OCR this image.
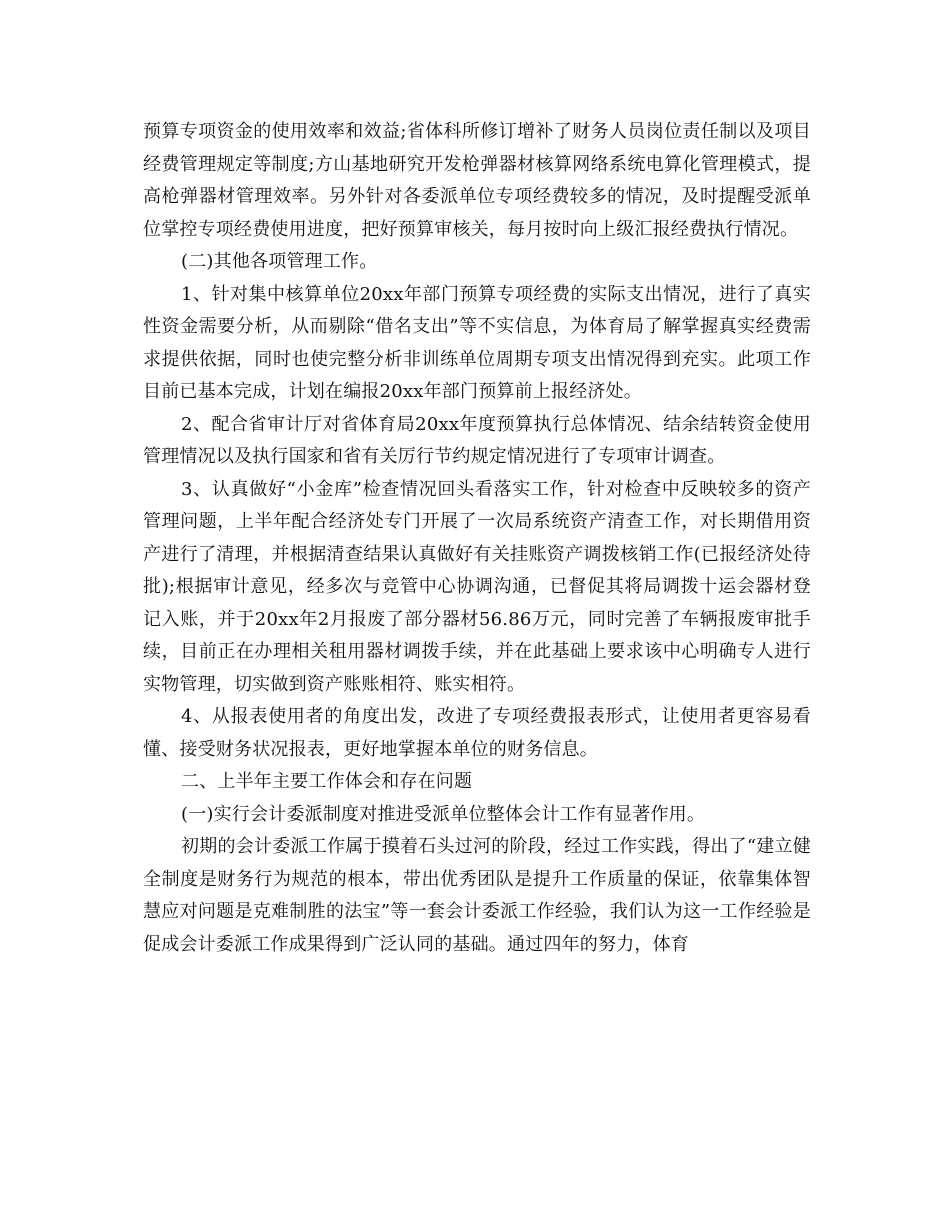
预算专项资金的使用效率和效益;省体科所修订增补了财务人员岗位责任制以及项目经费管理规定等制度;方山基地研究开发枪弹器材核算网络系统电算化管理模式，提高枪弹器材管理效率。另外针对各委派单位专项经费较多的情况，及时提醒受派单位掌控专项经费使用进度，把好预算审核关，每月按时向上级汇报经费执行情况。

(二)其他各项管理工作。

1、针对集中核算单位20xx年部门预算专项经费的实际支出情况，进行了真实性资金需要分析，从而剔除“借名支出”等不实信息，为体育局了解掌握真实经费需求提供依据，同时也使完整分析非训练单位周期专项支出情况得到充实。此项工作目前已基本完成，计划在编报20xx年部门预算前上报经济处。

2、配合省审计厅对省体育局20xx年度预算执行总体情况、结余结转资金使用管理情况以及执行国家和省有关厉行节约规定情况进行了专项审计调查。

3、认真做好“小金库”检查情况回头看落实工作，针对检查中反映较多的资产管理问题，上半年配合经济处专门开展了一次局系统资产清查工作，对长期借用资产进行了清理，并根据清查结果认真做好有关挂账资产调拨核销工作(已报经济处待批);根据审计意见，经多次与竞管中心协调沟通，已督促其将局调拨十运会器材登记入账，并于20xx年2月报废了部分器材56.86万元，同时完善了车辆报废审批手续，目前正在办理相关租用器材调拨手续，并在此基础上要求该中心明确专人进行实物管理，切实做到资产账账相符、账实相符。

4、从报表使用者的角度出发，改进了专项经费报表形式，让使用者更容易看懂、接受财务状况报表，更好地掌握本单位的财务信息。

二、上半年主要工作体会和存在问题

(一)实行会计委派制度对推进受派单位整体会计工作有显著作用。

初期的会计委派工作属于摸着石头过河的阶段，经过工作实践，得出了“建立健全制度是财务行为规范的根本，带出优秀团队是提升工作质量的保证，依靠集体智慧应对问题是克难制胜的法宝”等一套会计委派工作经验，我们认为这一工作经验是促成会计委派工作成果得到广泛认同的基础。通过四年的努力，体育
